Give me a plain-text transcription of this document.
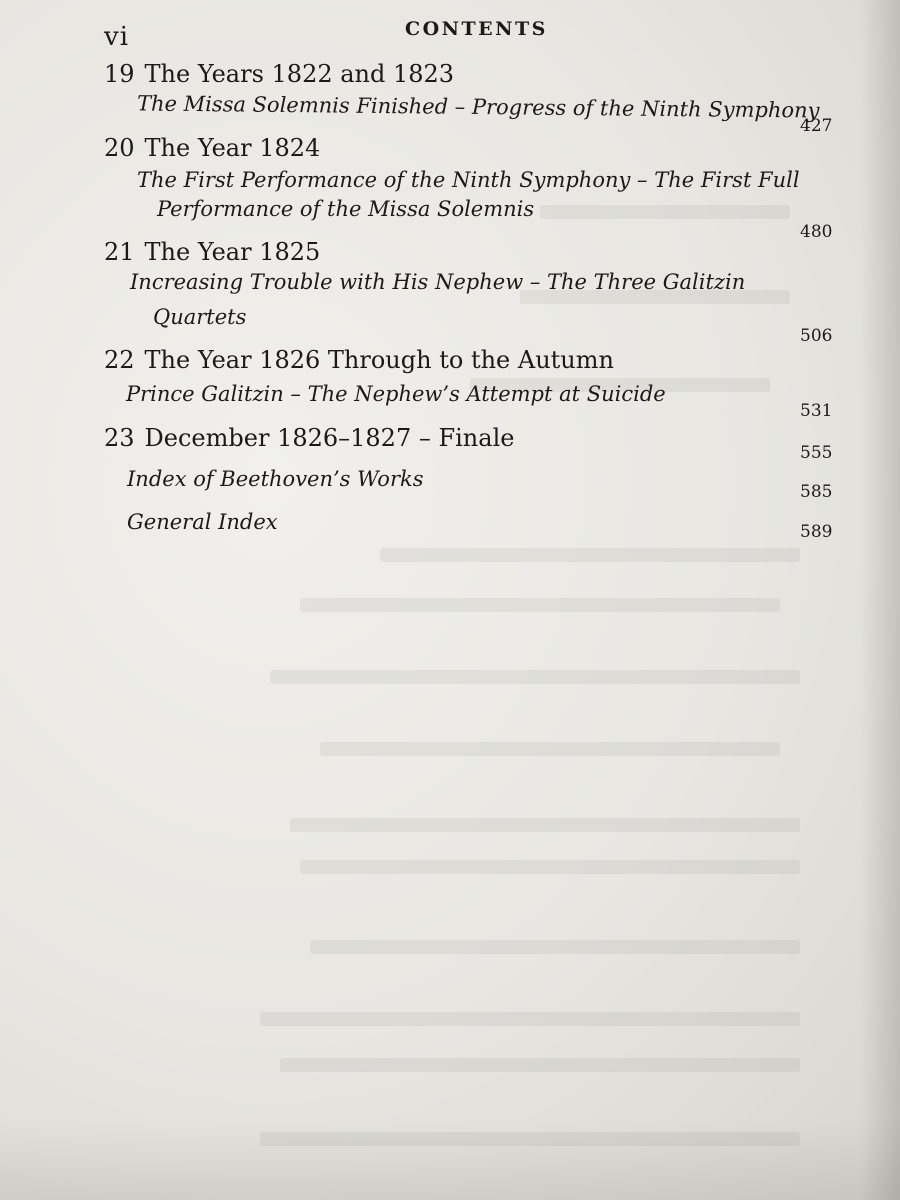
vi	CONTENTS
19 The Years 1822 and 1823
The Missa Solemnis Finished – Progress of the Ninth Symphony
427
20 The Year 1824
The First Performance of the Ninth Symphony – The First Full
Performance of the Missa Solemnis
480
21 The Year 1825
Increasing Trouble with His Nephew – The Three Galitzin
Quartets
506
22 The Year 1826 Through to the Autumn
Prince Galitzin – The Nephew’s Attempt at Suicide
531
23 December 1826–1827 – Finale
555
Index of Beethoven’s Works
585
General Index	589
